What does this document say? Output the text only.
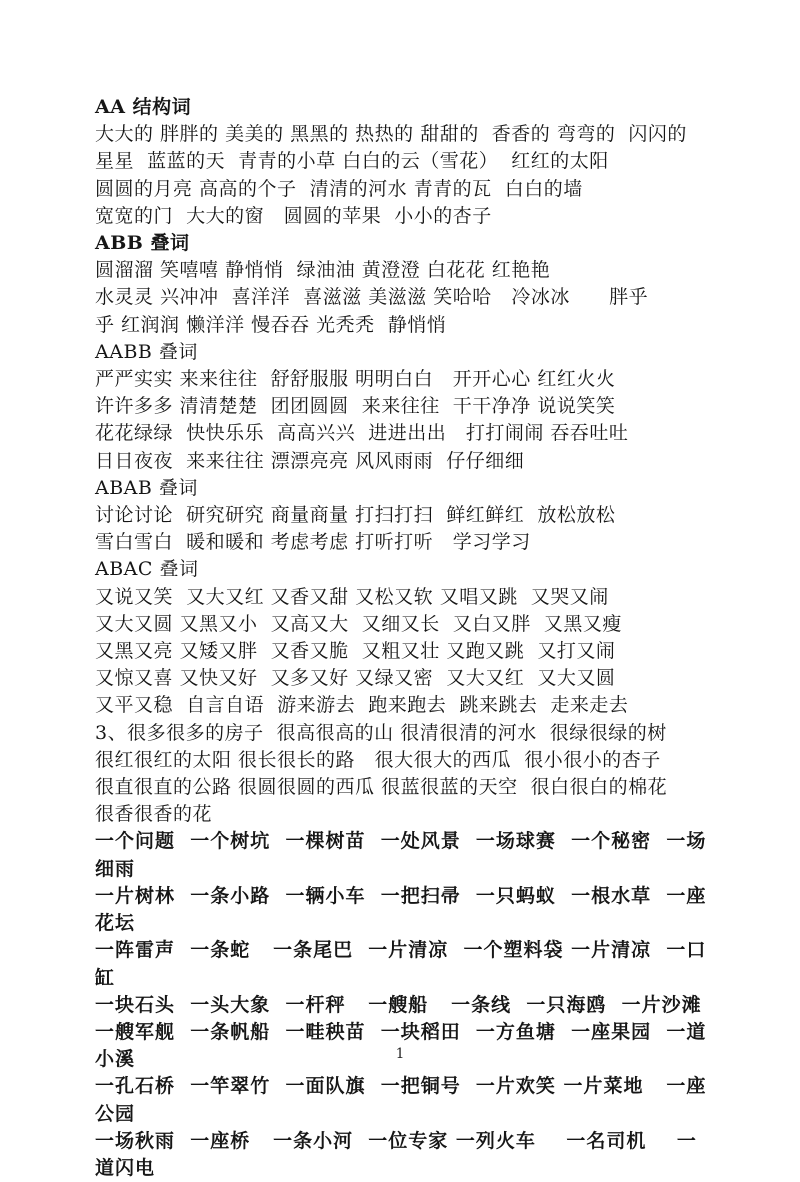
AA 结构词

大大的 胖胖的 美美的 黑黑的 热热的 甜甜的  香香的 弯弯的  闪闪的

星星  蓝蓝的天  青青的小草 白白的云（雪花）  红红的太阳

圆圆的月亮 高高的个子  清清的河水 青青的瓦  白白的墙

宽宽的门  大大的窗   圆圆的苹果  小小的杏子

ABB 叠词

圆溜溜 笑嘻嘻 静悄悄  绿油油 黄澄澄 白花花 红艳艳

水灵灵 兴冲冲  喜洋洋  喜滋滋 美滋滋 笑哈哈   冷冰冰      胖乎

乎 红润润 懒洋洋 慢吞吞 光秃秃  静悄悄

AABB 叠词

严严实实 来来往往  舒舒服服 明明白白   开开心心 红红火火

许许多多 清清楚楚  团团圆圆  来来往往  干干净净 说说笑笑

花花绿绿  快快乐乐  高高兴兴  进进出出   打打闹闹 吞吞吐吐

日日夜夜  来来往往 漂漂亮亮 风风雨雨  仔仔细细

ABAB 叠词

讨论讨论  研究研究 商量商量 打扫打扫  鲜红鲜红  放松放松

雪白雪白  暖和暖和 考虑考虑 打听打听   学习学习

ABAC 叠词

又说又笑  又大又红 又香又甜 又松又软 又唱又跳  又哭又闹

又大又圆 又黑又小  又高又大  又细又长  又白又胖  又黑又瘦

又黑又亮 又矮又胖  又香又脆  又粗又壮 又跑又跳  又打又闹

又惊又喜 又快又好  又多又好 又绿又密  又大又红  又大又圆

又平又稳  自言自语  游来游去  跑来跑去  跳来跳去  走来走去

3、很多很多的房子  很高很高的山 很清很清的河水  很绿很绿的树

很红很红的太阳 很长很长的路   很大很大的西瓜  很小很小的杏子

很直很直的公路 很圆很圆的西瓜 很蓝很蓝的天空  很白很白的棉花

很香很香的花

一个问题  一个树坑  一棵树苗  一处风景  一场球赛  一个秘密  一场细雨

一片树林  一条小路  一辆小车  一把扫帚  一只蚂蚁  一根水草  一座花坛

一阵雷声  一条蛇   一条尾巴  一片清凉  一个塑料袋 一片清凉  一口缸

一块石头  一头大象  一杆秤   一艘船   一条线  一只海鸥  一片沙滩

一艘军舰  一条帆船  一畦秧苗  一块稻田  一方鱼塘  一座果园  一道小溪

一孔石桥  一竿翠竹  一面队旗  一把铜号  一片欢笑 一片菜地   一座公园

一场秋雨  一座桥   一条小河  一位专家 一列火车    一名司机    一道闪电

1
